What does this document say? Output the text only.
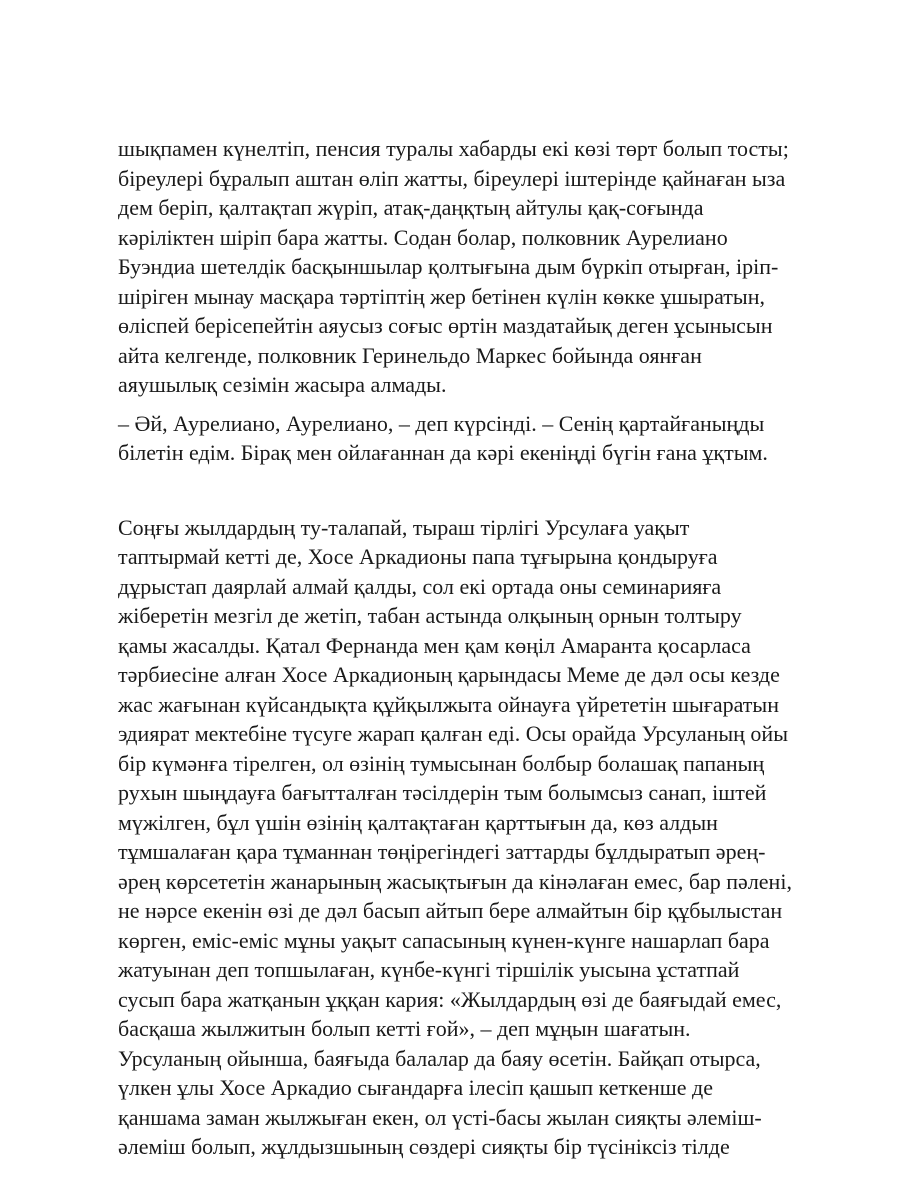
шықпамен күнелтіп, пенсия туралы хабарды екі көзі төрт болып тосты;
біреулері бұралып аштан өліп жатты, біреулері іштерінде қайнаған ыза
дем беріп, қалтақтап жүріп, атақ-даңқтың айтулы қақ-соғында
кәріліктен шіріп бара жатты. Содан болар, полковник Аурелиано
Буэндиа шетелдік басқыншылар қолтығына дым бүркіп отырған, іріп-
шіріген мынау масқара тәртіптің жер бетінен күлін көкке ұшыратын,
өліспей берісепейтін аяусыз соғыс өртін маздатайық деген ұсынысын
айта келгенде, полковник Геринельдо Маркес бойында оянған
аяушылық сезімін жасыра алмады.

– Әй, Аурелиано, Аурелиано, – деп күрсінді. – Сенің қартайғаныңды
білетін едім. Бірақ мен ойлағаннан да кәрі екеніңді бүгін ғана ұқтым.

Соңғы жылдардың ту-талапай, тыраш тірлігі Урсулаға уақыт
таптырмай кетті де, Хосе Аркадионы папа тұғырына қондыруға
дұрыстап даярлай алмай қалды, сол екі ортада оны семинарияға
жіберетін мезгіл де жетіп, табан астында олқының орнын толтыру
қамы жасалды. Қатал Фернанда мен қам көңіл Амаранта қосарласа
тәрбиесіне алған Хосе Аркадионың қарындасы Меме де дәл осы кезде
жас жағынан күйсандықта құйқылжыта ойнауға үйрететін шығаратын
эдиярат мектебіне түсуге жарап қалған еді. Осы орайда Урсуланың ойы
бір күмәнға тірелген, ол өзінің тумысынан болбыр болашақ папаның
рухын шыңдауға бағытталған тәсілдерін тым болымсыз санап, іштей
мүжілген, бұл үшін өзінің қалтақтаған қарттығын да, көз алдын
тұмшалаған қара тұманнан төңірегіндегі заттарды бұлдыратып әрең-
әрең көрсететін жанарының жасықтығын да кінәлаған емес, бар пәлені,
не нәрсе екенін өзі де дәл басып айтып бере алмайтын бір құбылыстан
көрген, еміс-еміс мұны уақыт сапасының күнен-күнге нашарлап бара
жатуынан деп топшылаған, күнбе-күнгі тіршілік уысына ұстатпай
сусып бара жатқанын ұққан кария: «Жылдардың өзі де баяғыдай емес,
басқаша жылжитын болып кетті ғой», – деп мұңын шағатын.
Урсуланың ойынша, баяғыда балалар да баяу өсетін. Байқап отырса,
үлкен ұлы Хосе Аркадио сығандарға ілесіп қашып кеткенше де
қаншама заман жылжыған екен, ол үсті-басы жылан сияқты әлеміш-
әлеміш болып, жұлдызшының сөздері сияқты бір түсініксіз тілде
